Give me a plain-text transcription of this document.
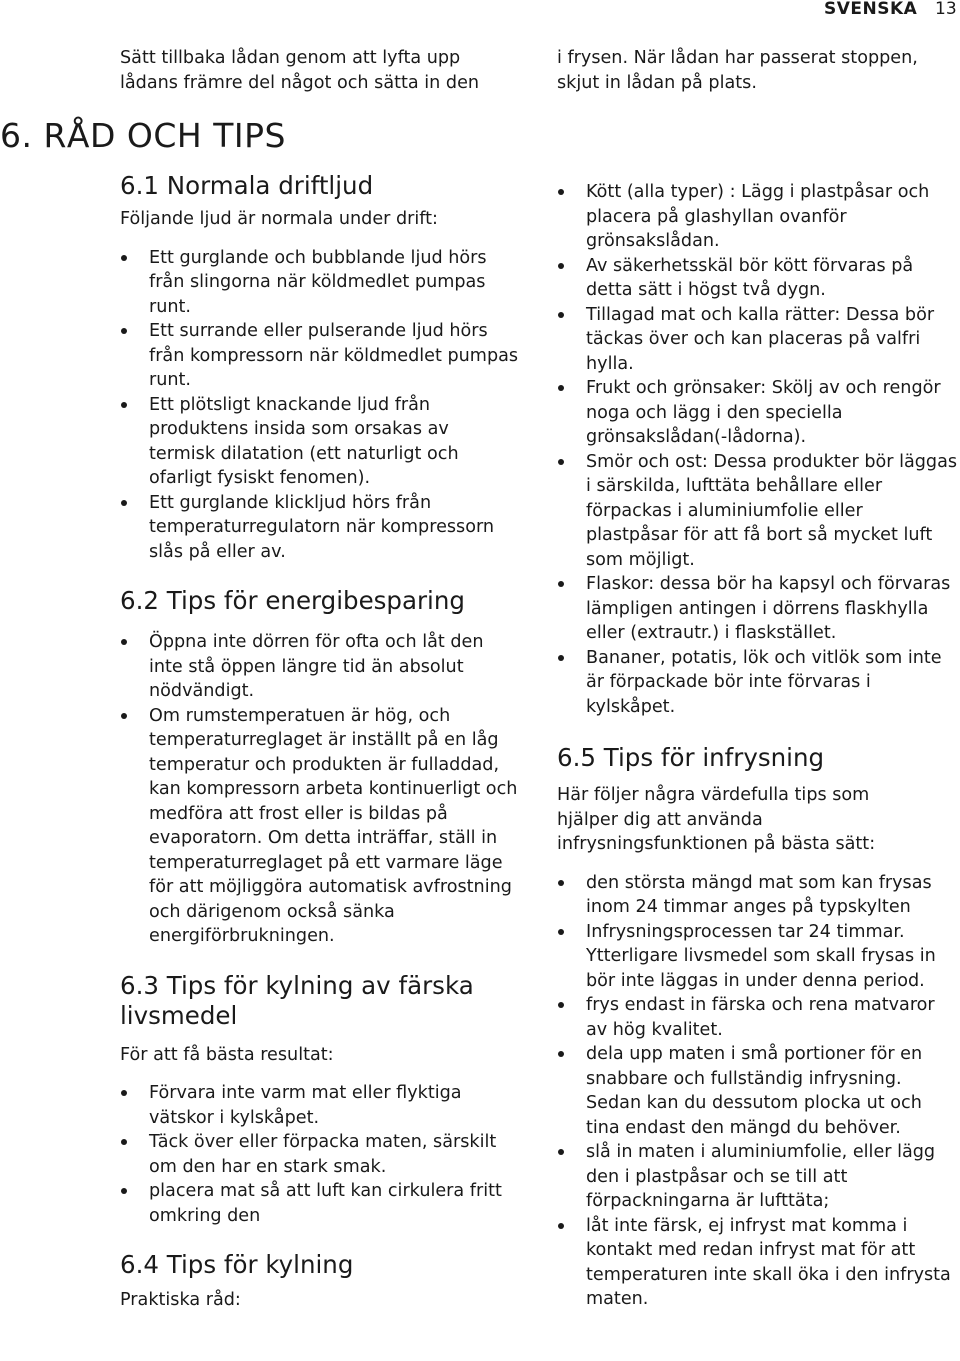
SVENSKA 13
6. RÅD OCH TIPS

Sätt tillbaka lådan genom att lyfta upp lådans främre del något och sätta in den

6.1 Normala driftljud

Följande ljud är normala under drift:

Ett gurglande och bubblande ljud hörs från slingorna när köldmedlet pumpas runt.
Ett surrande eller pulserande ljud hörs från kompressorn när köldmedlet pumpas runt.
Ett plötsligt knackande ljud från produktens insida som orsakas av termisk dilatation (ett naturligt och ofarligt fysiskt fenomen).
Ett gurglande klickljud hörs från temperaturregulatorn när kompressorn slås på eller av.
6.2 Tips för energibesparing
Öppna inte dörren för ofta och låt den inte stå öppen längre tid än absolut nödvändigt.
Om rumstemperatuen är hög, och temperaturreglaget är inställt på en låg temperatur och produkten är fulladdad, kan kompressorn arbeta kontinuerligt och medföra att frost eller is bildas på evaporatorn. Om detta inträffar, ställ in temperaturreglaget på ett varmare läge för att möjliggöra automatisk avfrostning och därigenom också sänka energiförbrukningen.
6.3 Tips för kylning av färska livsmedel

För att få bästa resultat:

Förvara inte varm mat eller flyktiga vätskor i kylskåpet.
Täck över eller förpacka maten, särskilt om den har en stark smak.
placera mat så att luft kan cirkulera fritt omkring den
6.4 Tips för kylning

Praktiska råd:

i frysen. När lådan har passerat stoppen, skjut in lådan på plats.

Kött (alla typer) : Lägg i plastpåsar och placera på glashyllan ovanför grönsakslådan.
Av säkerhetsskäl bör kött förvaras på detta sätt i högst två dygn.
Tillagad mat och kalla rätter: Dessa bör täckas över och kan placeras på valfri hylla.
Frukt och grönsaker: Skölj av och rengör noga och lägg i den speciella grönsakslådan(-lådorna).
Smör och ost: Dessa produkter bör läggas i särskilda, lufttäta behållare eller förpackas i aluminiumfolie eller plastpåsar för att få bort så mycket luft som möjligt.
Flaskor: dessa bör ha kapsyl och förvaras lämpligen antingen i dörrens flaskhylla eller (extrautr.) i flaskstället.
Bananer, potatis, lök och vitlök som inte är förpackade bör inte förvaras i kylskåpet.
6.5 Tips för infrysning

Här följer några värdefulla tips som hjälper dig att använda infrysningsfunktionen på bästa sätt:

den största mängd mat som kan frysas inom 24 timmar anges på typskylten
Infrysningsprocessen tar 24 timmar. Ytterligare livsmedel som skall frysas in bör inte läggas in under denna period.
frys endast in färska och rena matvaror av hög kvalitet.
dela upp maten i små portioner för en snabbare och fullständig infrysning. Sedan kan du dessutom plocka ut och tina endast den mängd du behöver.
slå in maten i aluminiumfolie, eller lägg den i plastpåsar och se till att förpackningarna är lufttäta;
låt inte färsk, ej infryst mat komma i kontakt med redan infryst mat för att temperaturen inte skall öka i den infrysta maten.
